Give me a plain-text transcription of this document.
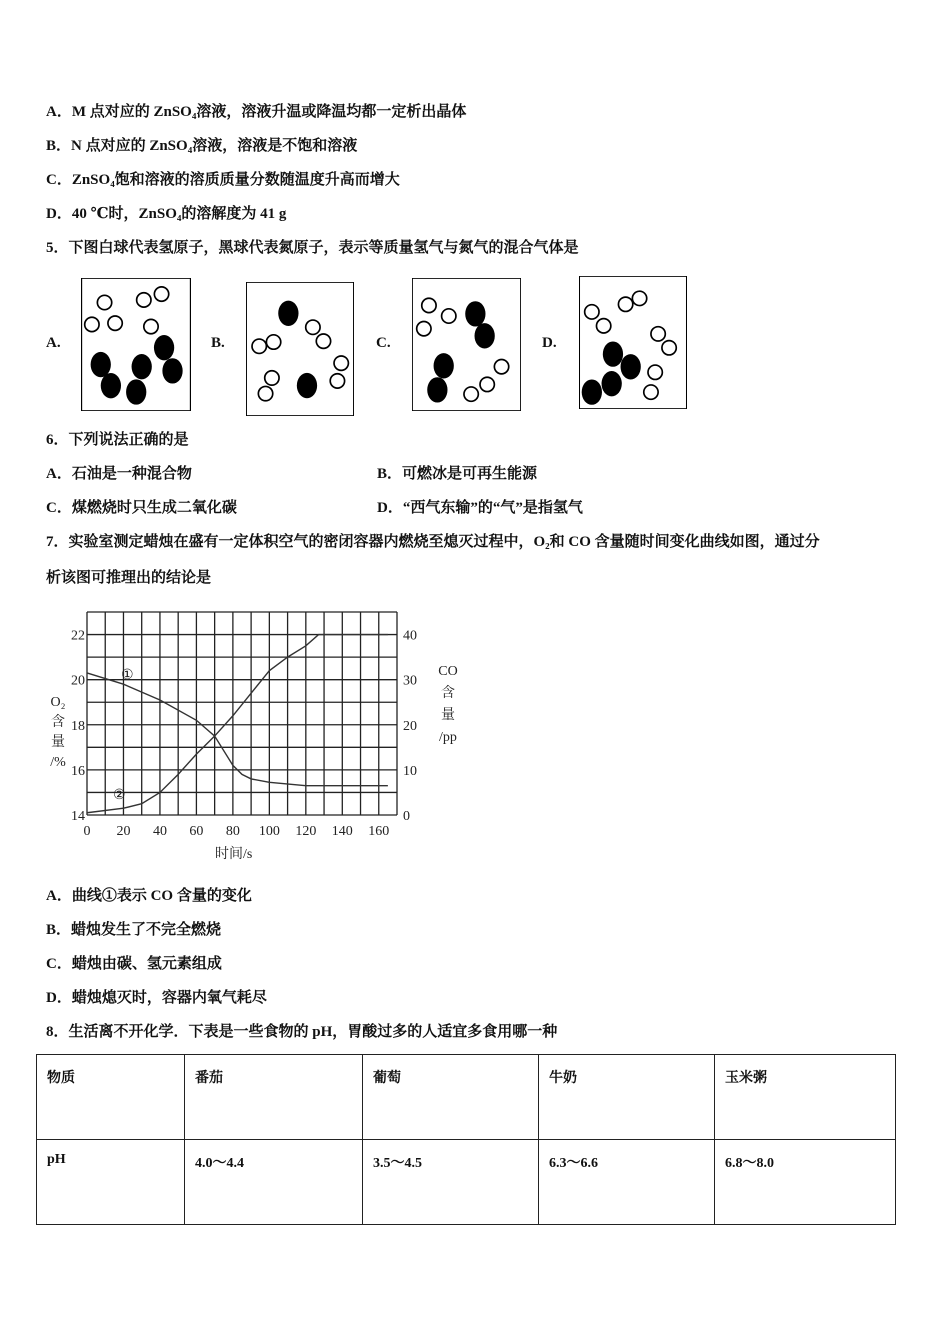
A．M 点对应的 ZnSO₄溶液，溶液升温或降温均都一定析出晶体
B．N 点对应的 ZnSO₄溶液，溶液是不饱和溶液
C．ZnSO₄饱和溶液的溶质质量分数随温度升高而增大
D．40 ℃时，ZnSO₄的溶解度为 41 g
5．下图白球代表氢原子，黑球代表氮原子，表示等质量氢气与氮气的混合气体是
A.	B.	C.	D.
6．下列说法正确的是
A．石油是一种混合物	B．可燃冰是可再生能源
C．煤燃烧时只生成二氧化碳	D．“西气东输”的“气”是指氢气
7．实验室测定蜡烛在盛有一定体积空气的密闭容器内燃烧至熄灭过程中，O₂和 CO 含量随时间变化曲线如图，通过分
析该图可推理出的结论是
0 20 40 60 80 100 120 140 160
14
16
18
20
22
0
10
20
30
40
①
②
时间/s
O₂
含
量
/%
CO
含
量
/pp
A．曲线①表示 CO 含量的变化
B．蜡烛发生了不完全燃烧
C．蜡烛由碳、氢元素组成
D．蜡烛熄灭时，容器内氧气耗尽
8．生活离不开化学．下表是一些食物的 pH，胃酸过多的人适宜多食用哪一种
物质	番茄	葡萄	牛奶	玉米粥
pH	4.0～4.4	3.5～4.5	6.3～6.6	6.8～8.0
